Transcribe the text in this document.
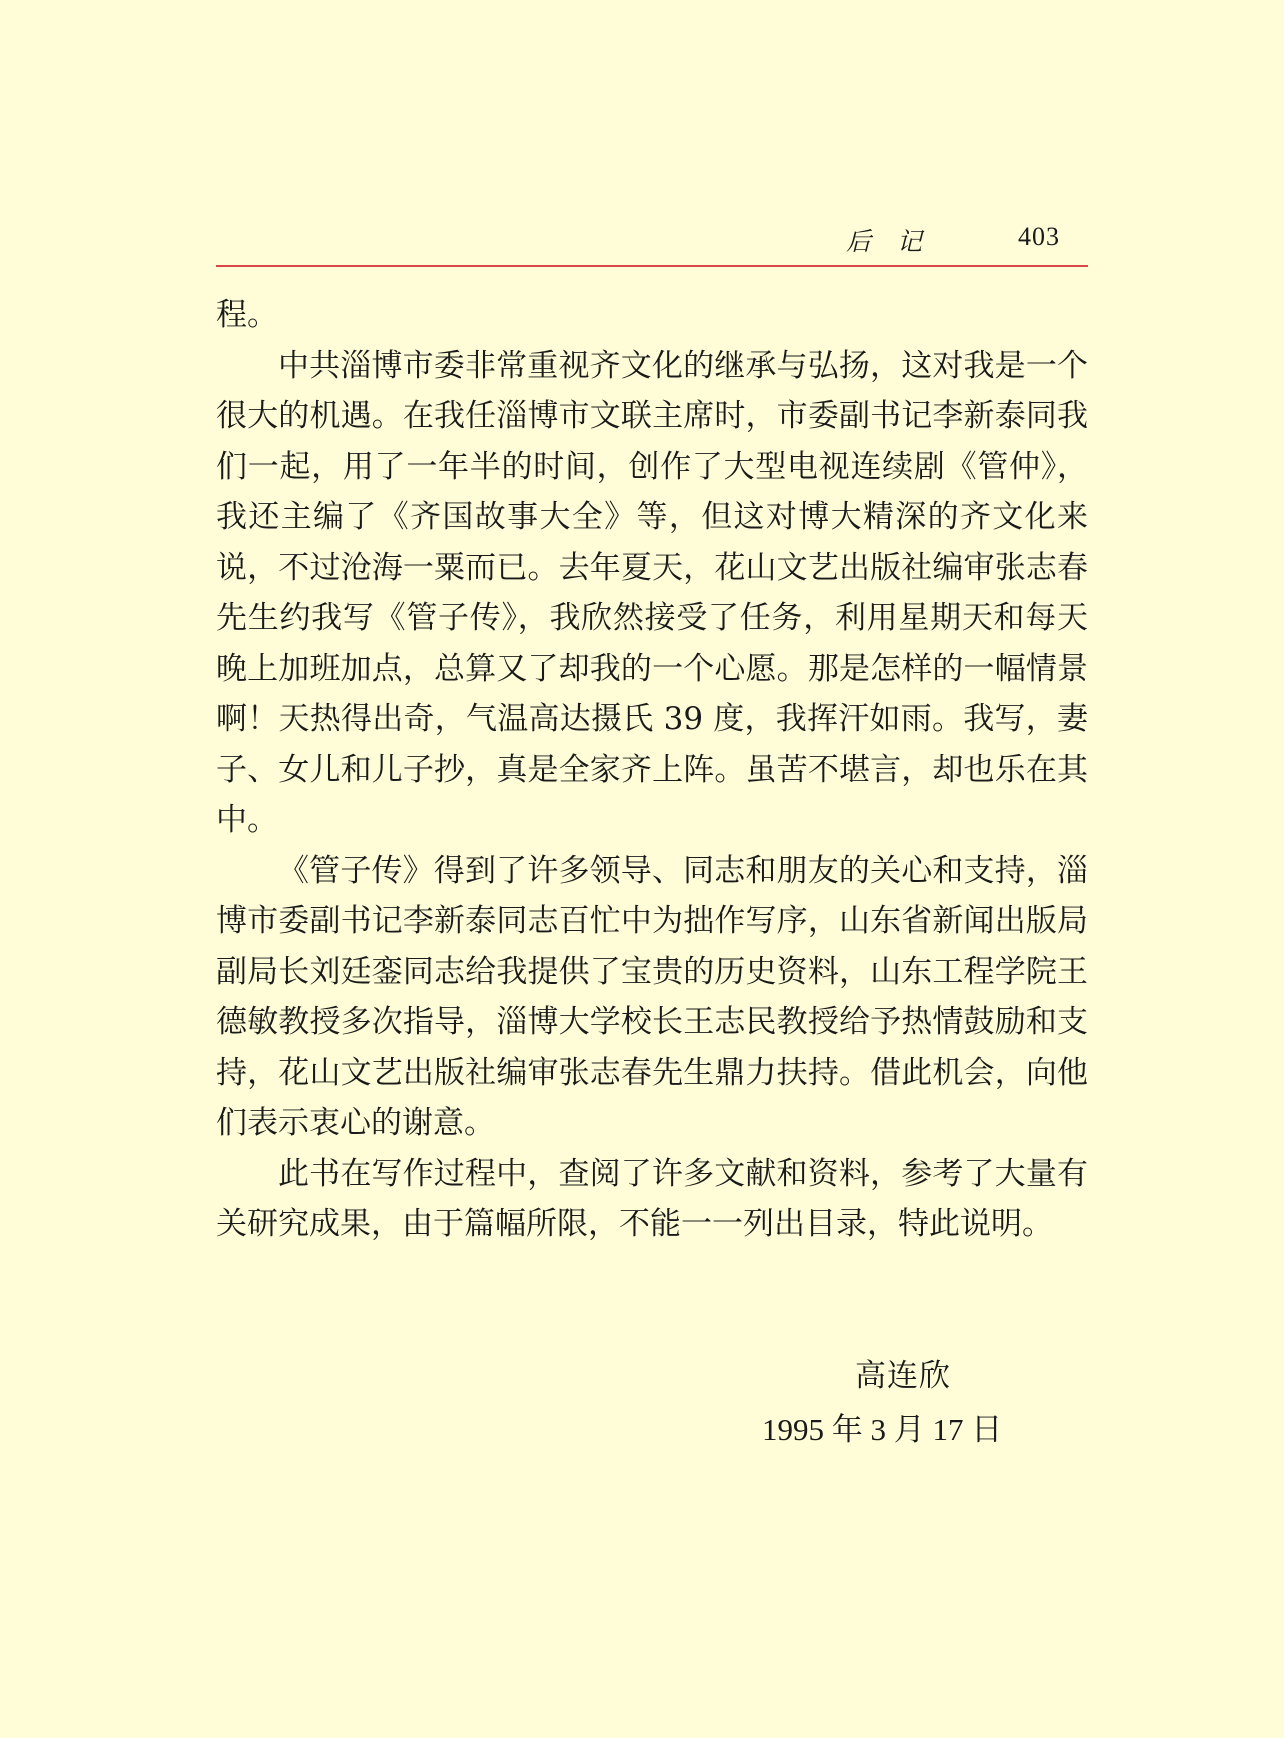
后记	403

程。

中共淄博市委非常重视齐文化的继承与弘扬，这对我是一个很大的机遇。在我任淄博市文联主席时，市委副书记李新泰同我们一起，用了一年半的时间，创作了大型电视连续剧《管仲》，我还主编了《齐国故事大全》等，但这对博大精深的齐文化来说，不过沧海一粟而已。去年夏天，花山文艺出版社编审张志春先生约我写《管子传》，我欣然接受了任务，利用星期天和每天晚上加班加点，总算又了却我的一个心愿。那是怎样的一幅情景啊！天热得出奇，气温高达摄氏 39 度，我挥汗如雨。我写，妻子、女儿和儿子抄，真是全家齐上阵。虽苦不堪言，却也乐在其中。

《管子传》得到了许多领导、同志和朋友的关心和支持，淄博市委副书记李新泰同志百忙中为拙作写序，山东省新闻出版局副局长刘廷銮同志给我提供了宝贵的历史资料，山东工程学院王德敏教授多次指导，淄博大学校长王志民教授给予热情鼓励和支持，花山文艺出版社编审张志春先生鼎力扶持。借此机会，向他们表示衷心的谢意。

此书在写作过程中，查阅了许多文献和资料，参考了大量有关研究成果，由于篇幅所限，不能一一列出目录，特此说明。

高连欣
1995 年 3 月 17 日
